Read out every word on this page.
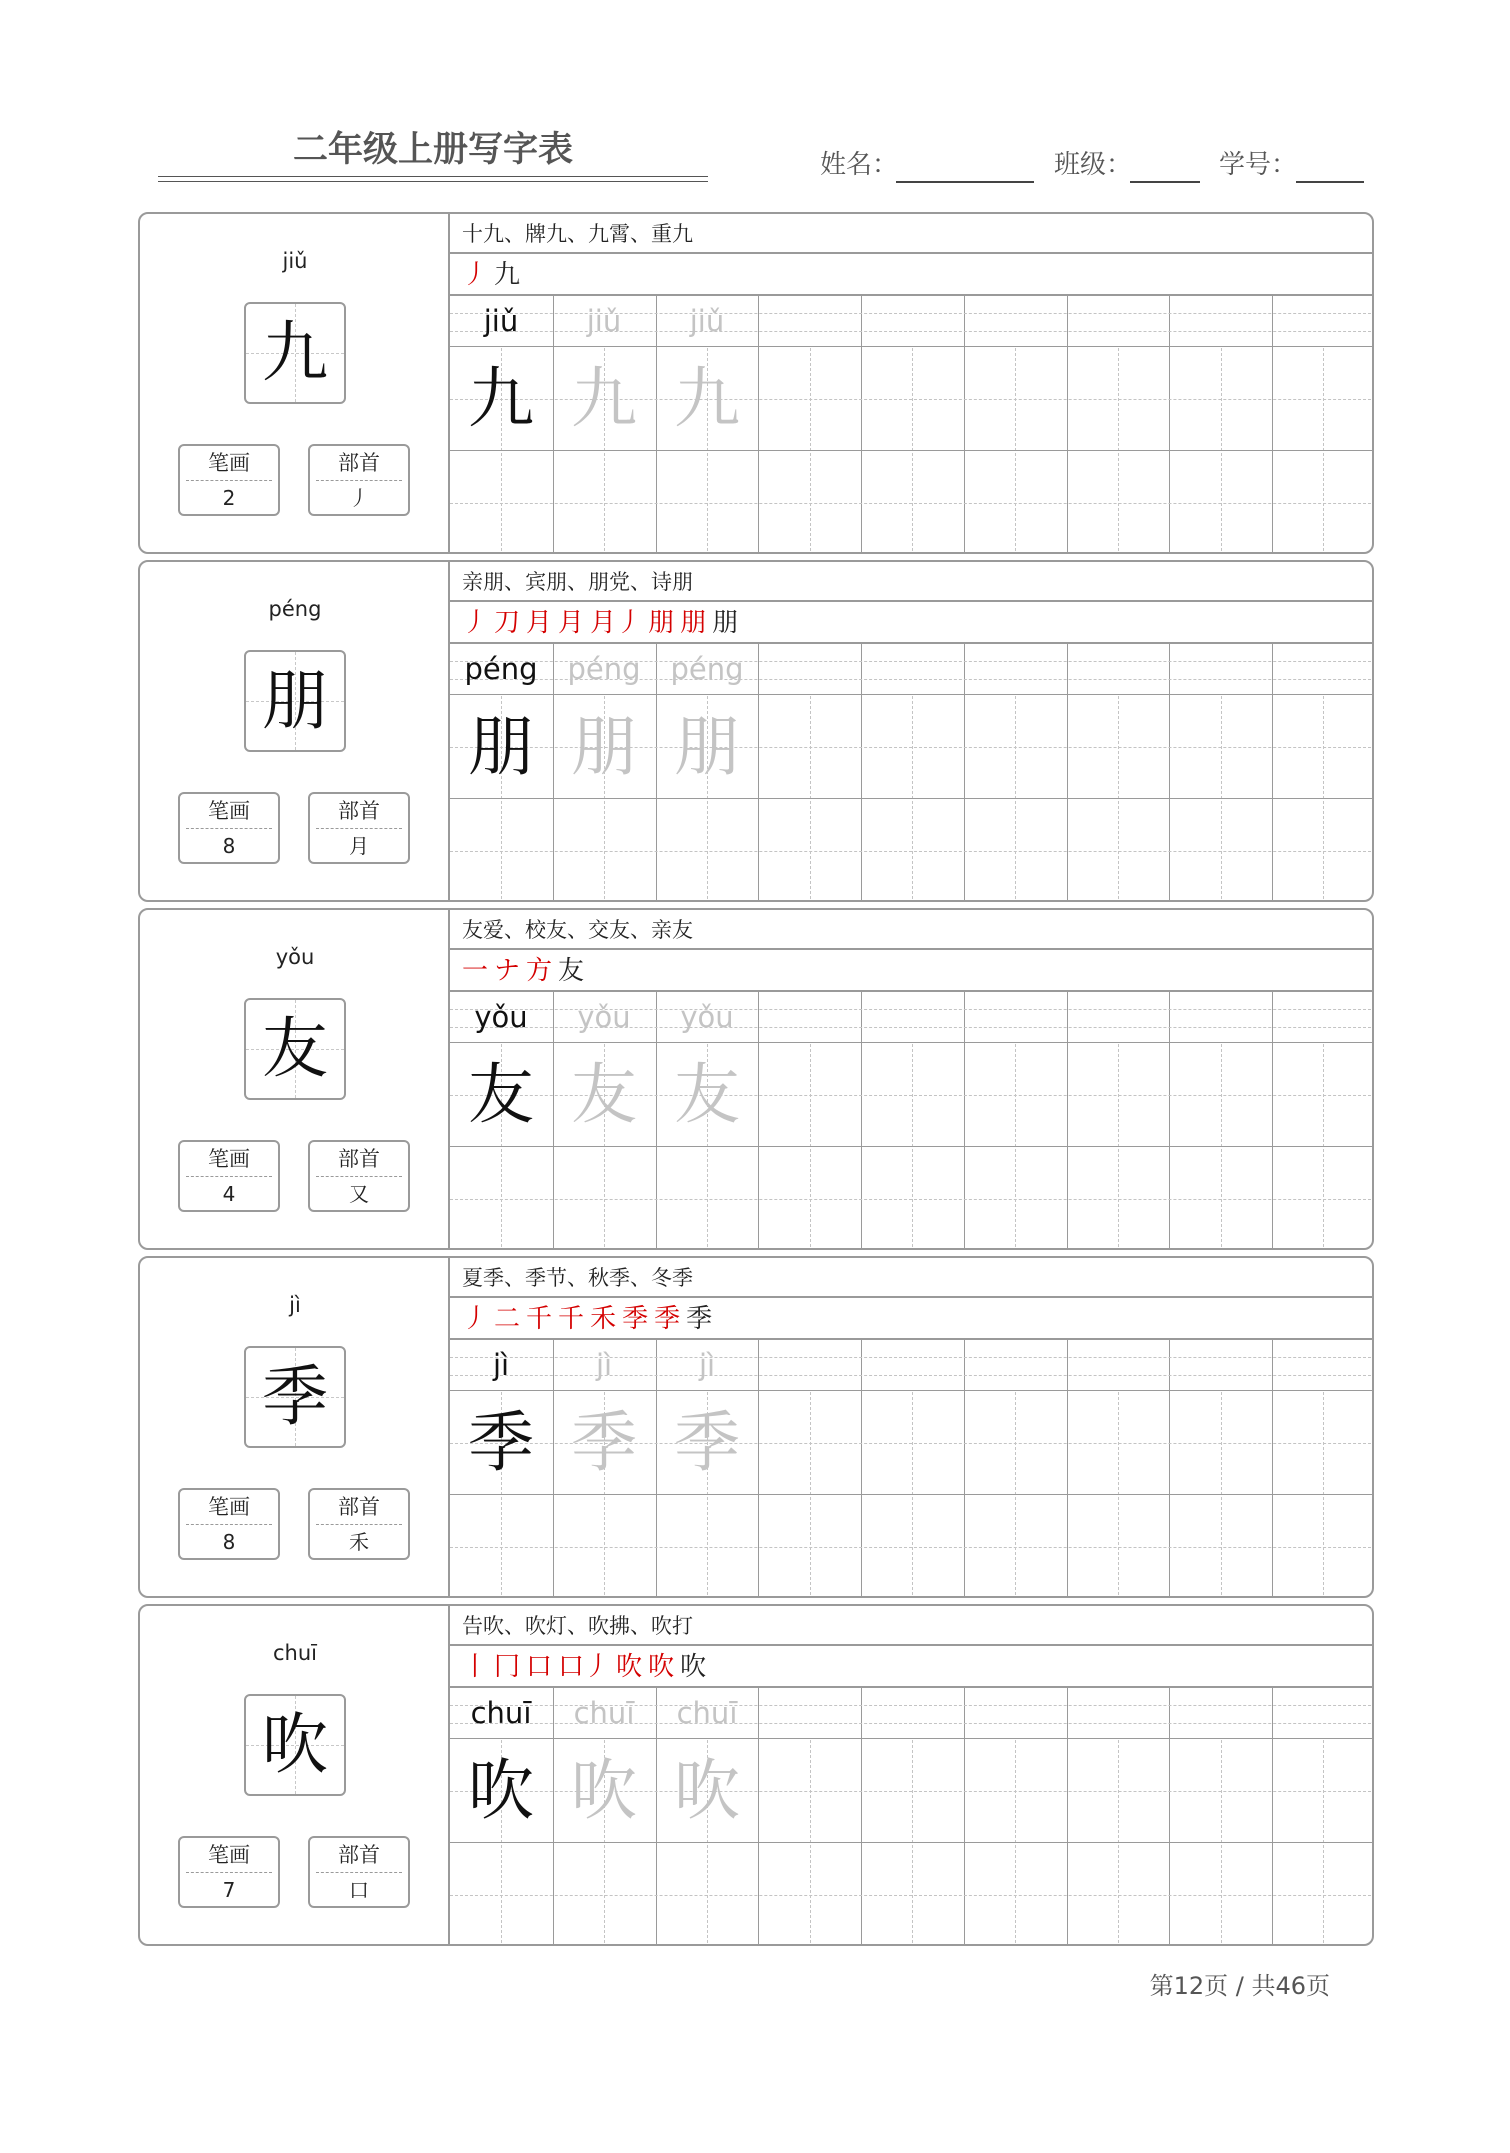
二年级上册写字表	姓名：	班级：	学号：
jiǔ
九
笔画
2
部首
丿
十九、牌九、九霄、重九
丿 九
jiǔ
九
jiǔ
九
jiǔ
九
péng
朋
笔画
8
部首
月
亲朋、宾朋、朋党、诗朋
丿 刀 月 月 月丿 朋 朋 朋
péng
朋
péng
朋
péng
朋
yǒu
友
笔画
4
部首
又
友爱、校友、交友、亲友
一 ナ 方 友
yǒu
友
yǒu
友
yǒu
友
jì
季
笔画
8
部首
禾
夏季、季节、秋季、冬季
丿 二 千 千 禾 季 季 季
jì
季
jì
季
jì
季
chuī
吹
笔画
7
部首
口
告吹、吹灯、吹拂、吹打
丨 冂 口 口丿 吹 吹 吹
chuī
吹
chuī
吹
chuī
吹
第12页 / 共46页
